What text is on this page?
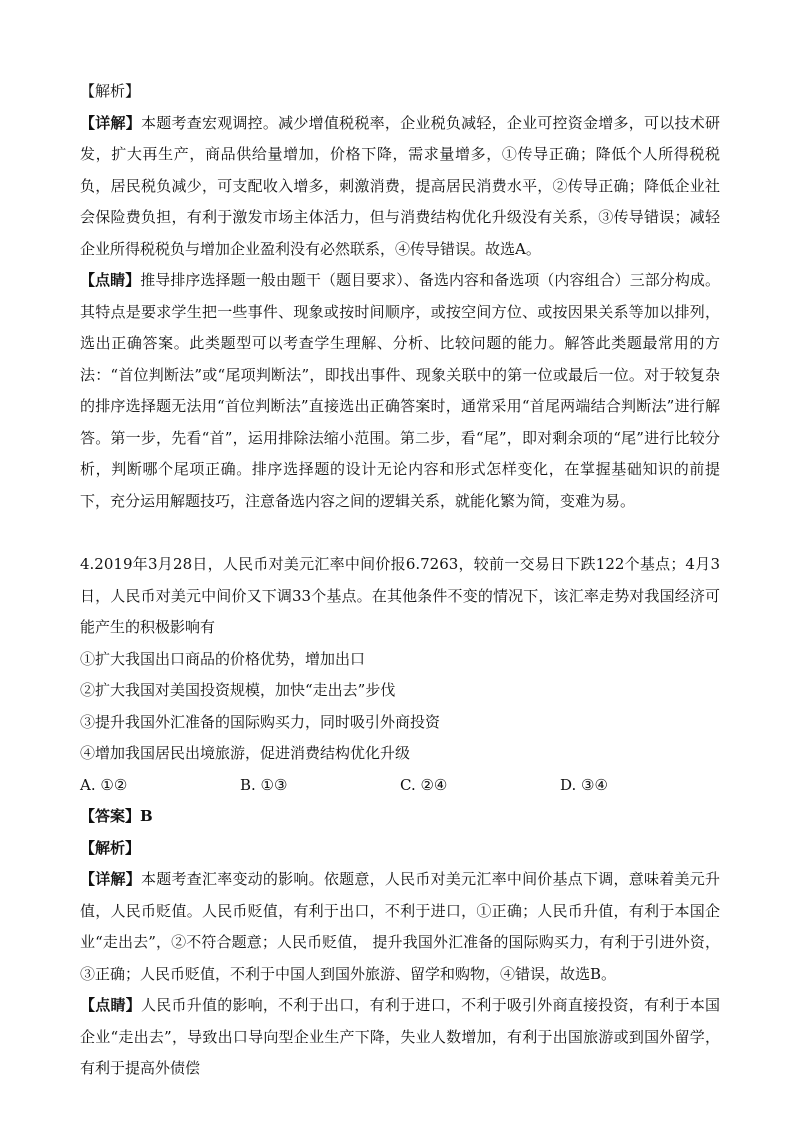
【解析】
【详解】本题考查宏观调控。减少增值税税率，企业税负减轻，企业可控资金增多，可以技术研发，扩大再生产，商品供给量增加，价格下降，需求量增多，①传导正确；降低个人所得税税负，居民税负减少，可支配收入增多，刺激消费，提高居民消费水平，②传导正确；降低企业社会保险费负担，有利于激发市场主体活力，但与消费结构优化升级没有关系，③传导错误；减轻企业所得税税负与增加企业盈利没有必然联系，④传导错误。故选A。
【点睛】推导排序选择题一般由题干（题目要求）、备选内容和备选项（内容组合）三部分构成。其特点是要求学生把一些事件、现象或按时间顺序，或按空间方位、或按因果关系等加以排列，选出正确答案。此类题型可以考查学生理解、分析、比较问题的能力。解答此类题最常用的方法：“首位判断法”或“尾项判断法”，即找出事件、现象关联中的第一位或最后一位。对于较复杂的排序选择题无法用“首位判断法”直接选出正确答案时，通常采用“首尾两端结合判断法”进行解答。第一步，先看“首”，运用排除法缩小范围。第二步，看“尾”，即对剩余项的“尾”进行比较分析，判断哪个尾项正确。排序选择题的设计无论内容和形式怎样变化，在掌握基础知识的前提下，充分运用解题技巧，注意备选内容之间的逻辑关系，就能化繁为简，变难为易。
4.2019年3月28日，人民币对美元汇率中间价报6.7263，较前一交易日下跌122个基点；4月3日，人民币对美元中间价又下调33个基点。在其他条件不变的情况下，该汇率走势对我国经济可能产生的积极影响有
①扩大我国出口商品的价格优势，增加出口
②扩大我国对美国投资规模，加快“走出去”步伐
③提升我国外汇准备的国际购买力，同时吸引外商投资
④增加我国居民出境旅游，促进消费结构优化升级
A. ①②	B. ①③	C. ②④	D. ③④
【答案】B
【解析】
【详解】本题考查汇率变动的影响。依题意，人民币对美元汇率中间价基点下调，意味着美元升值，人民币贬值。人民币贬值，有利于出口，不利于进口，①正确；人民币升值，有利于本国企业“走出去”，②不符合题意；人民币贬值， 提升我国外汇准备的国际购买力，有利于引进外资，③正确；人民币贬值，不利于中国人到国外旅游、留学和购物，④错误，故选B。
【点睛】人民币升值的影响，不利于出口，有利于进口，不利于吸引外商直接投资，有利于本国企业“走出去”，导致出口导向型企业生产下降，失业人数增加，有利于出国旅游或到国外留学，有利于提高外债偿
